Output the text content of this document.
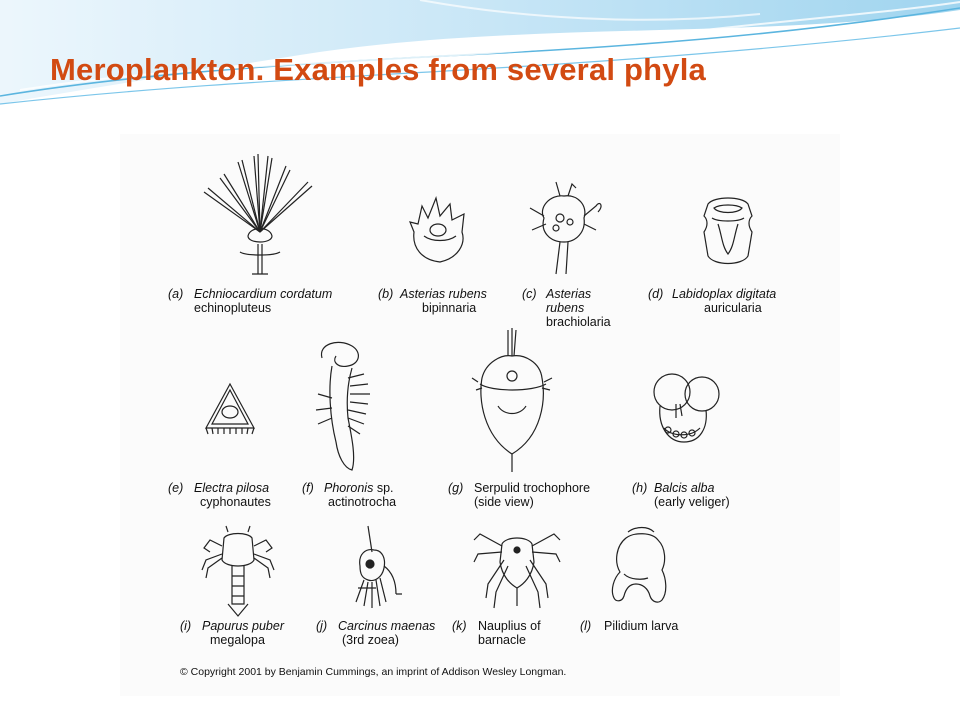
Meroplankton. Examples from several phyla
(a) Echniocardium cordatum
echinopluteus
(b) Asterias rubens
bipinnaria
(c) Asterias
rubens
brachiolaria
(d) Labidoplax digitata
auricularia
(e) Electra pilosa
cyphonautes
(f) Phoronis sp.
actinotrocha
(g) Serpulid trochophore
(side view)
(h) Balcis alba
(early veliger)
(i) Papurus puber
megalopa
(j) Carcinus maenas
(3rd zoea)
(k) Nauplius of
barnacle
(l) Pilidium larva
© Copyright 2001 by Benjamin Cummings, an imprint of Addison Wesley Longman.
